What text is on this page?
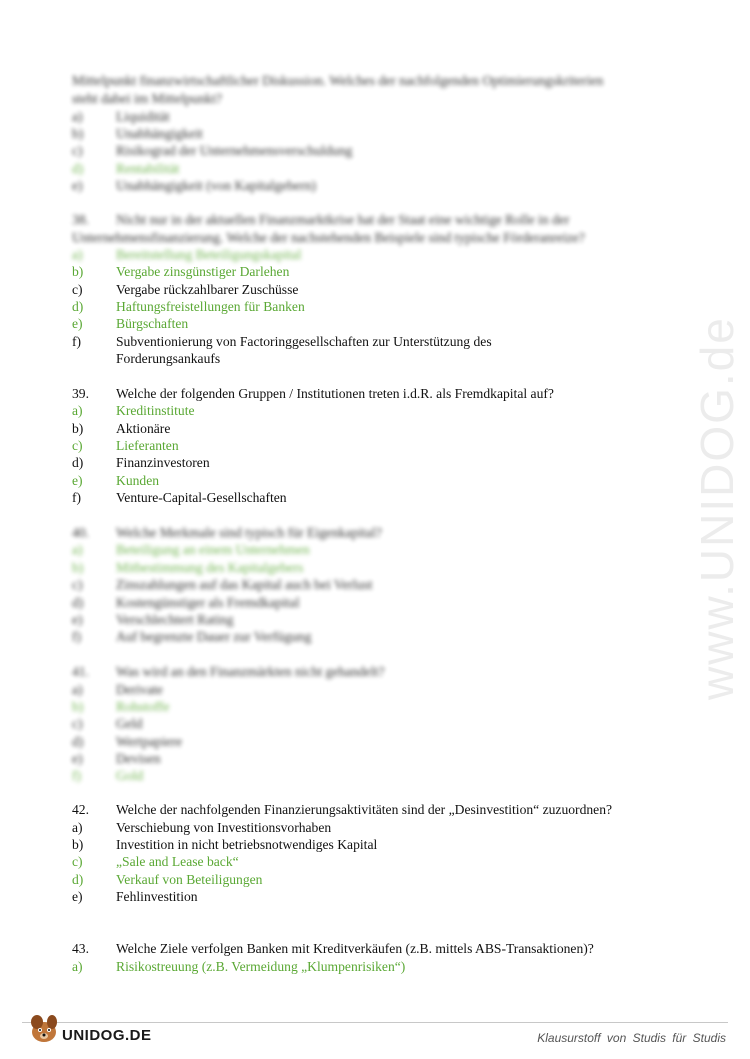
www.UNIDOG.de
Mittelpunkt finanzwirtschaftlicher Diskussion. Welches der nachfolgenden Optimierungskriterien
steht dabei im Mittelpunkt?
a) Liquidität
b) Unabhängigkeit
c) Risikograd der Unternehmensverschuldung
d) Rentabilität
e) Unabhängigkeit (von Kapitalgebern)
38. Nicht nur in der aktuellen Finanzmarktkrise hat der Staat eine wichtige Rolle in der
Unternehmensfinanzierung. Welche der nachstehenden Beispiele sind typische Förderanreize?
a) Bereitstellung Beteiligungskapital
b) Vergabe zinsgünstiger Darlehen
c) Vergabe rückzahlbarer Zuschüsse
d) Haftungsfreistellungen für Banken
e) Bürgschaften
f)	Subventionierung von Factoringgesellschaften zur Unterstützung des
Forderungsankaufs
39. Welche der folgenden Gruppen / Institutionen treten i.d.R. als Fremdkapital auf?
a) Kreditinstitute
b) Aktionäre
c) Lieferanten
d) Finanzinvestoren
e) Kunden
f)	Venture-Capital-Gesellschaften
40. Welche Merkmale sind typisch für Eigenkapital?
a) Beteiligung an einem Unternehmen
b) Mitbestimmung des Kapitalgebers
c) Zinszahlungen auf das Kapital auch bei Verlust
d) Kostengünstiger als Fremdkapital
e) Verschlechtert Rating
f)	Auf begrenzte Dauer zur Verfügung
41. Was wird an den Finanzmärkten nicht gehandelt?
a) Derivate
b) Rohstoffe
c) Geld
d) Wertpapiere
e) Devisen
f)	Gold
42. Welche der nachfolgenden Finanzierungsaktivitäten sind der „Desinvestition“ zuzuordnen?
a) Verschiebung von Investitionsvorhaben
b) Investition in nicht betriebsnotwendiges Kapital
c) „Sale and Lease back“
d) Verkauf von Beteiligungen
e) Fehlinvestition
43. Welche Ziele verfolgen Banken mit Kreditverkäufen (z.B. mittels ABS-Transaktionen)?
a) Risikostreuung (z.B. Vermeidung „Klumpenrisiken“)
UNIDOG.DE	Klausurstoff von Studis für Studis
